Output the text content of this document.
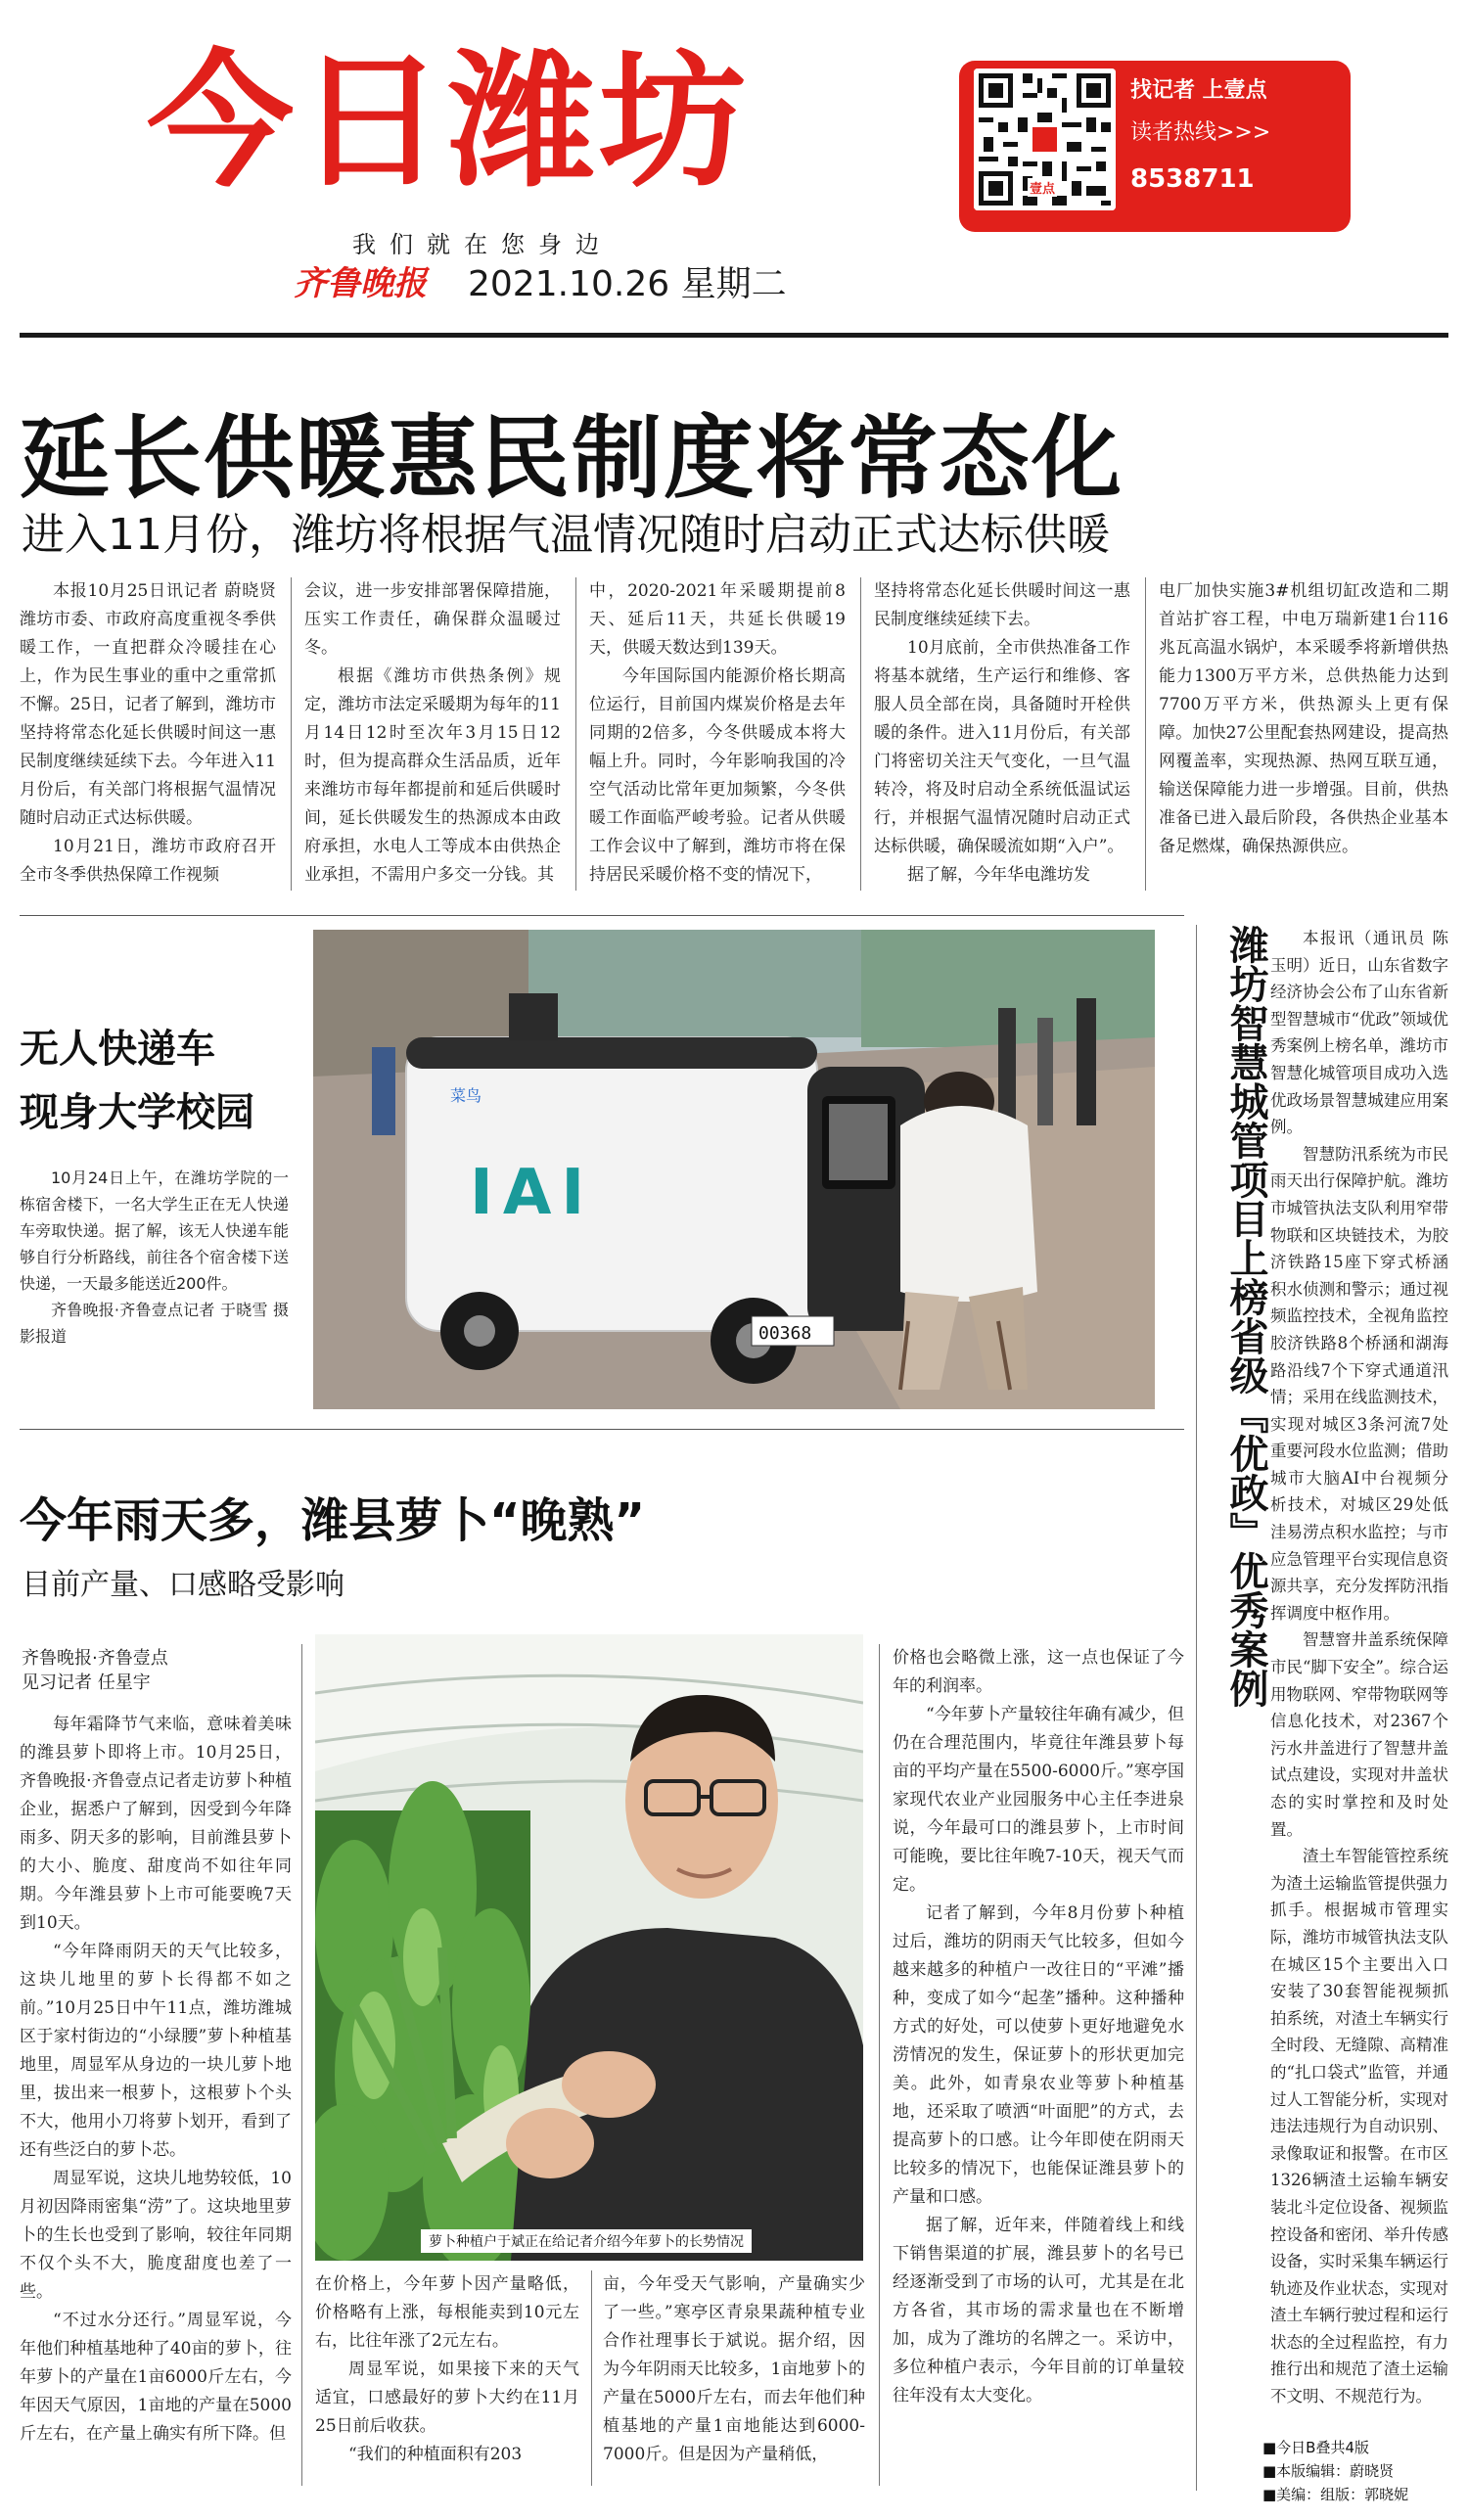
今日潍坊
我们就在您身边
齐鲁晚报 2021.10.26 星期二
壹点
找记者 上壹点
读者热线>>>
8538711
延长供暖惠民制度将常态化
进入11月份，潍坊将根据气温情况随时启动正式达标供暖

本报10月25日讯记者 蔚晓贤 潍坊市委、市政府高度重视冬季供暖工作，一直把群众冷暖挂在心上，作为民生事业的重中之重常抓不懈。25日，记者了解到，潍坊市坚持将常态化延长供暖时间这一惠民制度继续延续下去。今年进入11月份后，有关部门将根据气温情况随时启动正式达标供暖。

10月21日，潍坊市政府召开全市冬季供热保障工作视频

会议，进一步安排部署保障措施，压实工作责任，确保群众温暖过冬。

根据《潍坊市供热条例》规定，潍坊市法定采暖期为每年的11月14日12时至次年3月15日12时，但为提高群众生活品质，近年来潍坊市每年都提前和延后供暖时间，延长供暖发生的热源成本由政府承担，水电人工等成本由供热企业承担，不需用户多交一分钱。其

中，2020-2021年采暖期提前8天、延后11天，共延长供暖19天，供暖天数达到139天。

今年国际国内能源价格长期高位运行，目前国内煤炭价格是去年同期的2倍多，今冬供暖成本将大幅上升。同时，今年影响我国的冷空气活动比常年更加频繁，今冬供暖工作面临严峻考验。记者从供暖工作会议中了解到，潍坊市将在保持居民采暖价格不变的情况下，

坚持将常态化延长供暖时间这一惠民制度继续延续下去。

10月底前，全市供热准备工作将基本就绪，生产运行和维修、客服人员全部在岗，具备随时开栓供暖的条件。进入11月份后，有关部门将密切关注天气变化，一旦气温转冷，将及时启动全系统低温试运行，并根据气温情况随时启动正式达标供暖，确保暖流如期“入户”。

据了解，今年华电潍坊发

电厂加快实施3#机组切缸改造和二期首站扩容工程，中电万瑞新建1台116兆瓦高温水锅炉，本采暖季将新增供热能力1300万平方米，总供热能力达到7700万平方米，供热源头上更有保障。加快27公里配套热网建设，提高热网覆盖率，实现热源、热网互联互通，输送保障能力进一步增强。目前，供热准备已进入最后阶段，各供热企业基本备足燃煤，确保热源供应。

无人快递车
现身大学校园

10月24日上午，在潍坊学院的一栋宿舍楼下，一名大学生正在无人快递车旁取快递。据了解，该无人快递车能够自行分析路线，前往各个宿舍楼下送快递，一天最多能送近200件。

齐鲁晚报·齐鲁壹点记者 于晓雪 摄影报道

IAI
菜鸟
00368	潍坊智慧城管项目上榜省级『优政』优秀案例	本报讯（通讯员 陈玉明）近日，山东省数字经济协会公布了山东省新型智慧城市“优政”领域优秀案例上榜名单，潍坊市智慧化城管项目成功入选优政场景智慧城建应用案例。

智慧防汛系统为市民雨天出行保障护航。潍坊市城管执法支队利用窄带物联和区块链技术，为胶济铁路15座下穿式桥涵积水侦测和警示；通过视频监控技术，全视角监控胶济铁路8个桥涵和湖海路沿线7个下穿式通道汛情；采用在线监测技术，实现对城区3条河流7处重要河段水位监测；借助城市大脑AI中台视频分析技术，对城区29处低洼易涝点积水监控；与市应急管理平台实现信息资源共享，充分发挥防汛指挥调度中枢作用。

智慧窨井盖系统保障市民“脚下安全”。综合运用物联网、窄带物联网等信息化技术，对2367个污水井盖进行了智慧井盖试点建设，实现对井盖状态的实时掌控和及时处置。

渣土车智能管控系统为渣土运输监管提供强力抓手。根据城市管理实际，潍坊市城管执法支队在城区15个主要出入口安装了30套智能视频抓拍系统，对渣土车辆实行全时段、无缝隙、高精准的“扎口袋式”监管，并通过人工智能分析，实现对违法违规行为自动识别、录像取证和报警。在市区1326辆渣土运输车辆安装北斗定位设备、视频监控设备和密闭、举升传感设备，实时采集车辆运行轨迹及作业状态，实现对渣土车辆行驶过程和运行状态的全过程监控，有力推行出和规范了渣土运输不文明、不规范行为。

今年雨天多，潍县萝卜“晚熟”
目前产量、口感略受影响
齐鲁晚报·齐鲁壹点
见习记者 任星宇

每年霜降节气来临，意味着美味的潍县萝卜即将上市。10月25日，齐鲁晚报·齐鲁壹点记者走访萝卜种植企业，据悉户了解到，因受到今年降雨多、阴天多的影响，目前潍县萝卜的大小、脆度、甜度尚不如往年同期。今年潍县萝卜上市可能要晚7天到10天。

“今年降雨阴天的天气比较多，这块儿地里的萝卜长得都不如之前。”10月25日中午11点，潍坊潍城区于家村街边的“小绿腰”萝卜种植基地里，周显军从身边的一块儿萝卜地里，拔出来一根萝卜，这根萝卜个头不大，他用小刀将萝卜划开，看到了还有些泛白的萝卜芯。

周显军说，这块儿地势较低，10月初因降雨密集“涝”了。这块地里萝卜的生长也受到了影响，较往年同期不仅个头不大，脆度甜度也差了一些。

“不过水分还行。”周显军说，今年他们种植基地种了40亩的萝卜，往年萝卜的产量在1亩6000斤左右，今年因天气原因，1亩地的产量在5000斤左右，在产量上确实有所下降。但

萝卜种植户于斌正在给记者介绍今年萝卜的长势情况

在价格上，今年萝卜因产量略低，价格略有上涨，每根能卖到10元左右，比往年涨了2元左右。

周显军说，如果接下来的天气适宜，口感最好的萝卜大约在11月25日前后收获。

“我们的种植面积有203

亩，今年受天气影响，产量确实少了一些。”寒亭区青泉果蔬种植专业合作社理事长于斌说。据介绍，因为今年阴雨天比较多，1亩地萝卜的产量在5000斤左右，而去年他们种植基地的产量1亩地能达到6000-7000斤。但是因为产量稍低，

价格也会略微上涨，这一点也保证了今年的利润率。

“今年萝卜产量较往年确有减少，但仍在合理范围内，毕竟往年潍县萝卜每亩的平均产量在5500-6000斤。”寒亭国家现代农业产业园服务中心主任李进泉说，今年最可口的潍县萝卜，上市时间可能晚，要比往年晚7-10天，视天气而定。

记者了解到，今年8月份萝卜种植过后，潍坊的阴雨天气比较多，但如今越来越多的种植户一改往日的“平滩”播种，变成了如今“起垄”播种。这种播种方式的好处，可以使萝卜更好地避免水涝情况的发生，保证萝卜的形状更加完美。此外，如青泉农业等萝卜种植基地，还采取了喷洒“叶面肥”的方式，去提高萝卜的口感。让今年即使在阴雨天比较多的情况下，也能保证潍县萝卜的产量和口感。

据了解，近年来，伴随着线上和线下销售渠道的扩展，潍县萝卜的名号已经逐渐受到了市场的认可，尤其是在北方各省，其市场的需求量也在不断增加，成为了潍坊的名牌之一。采访中，多位种植户表示，今年目前的订单量较往年没有太大变化。

■今日B叠共4版
■本版编辑：蔚晓贤
■美编：组版：郭晓妮
